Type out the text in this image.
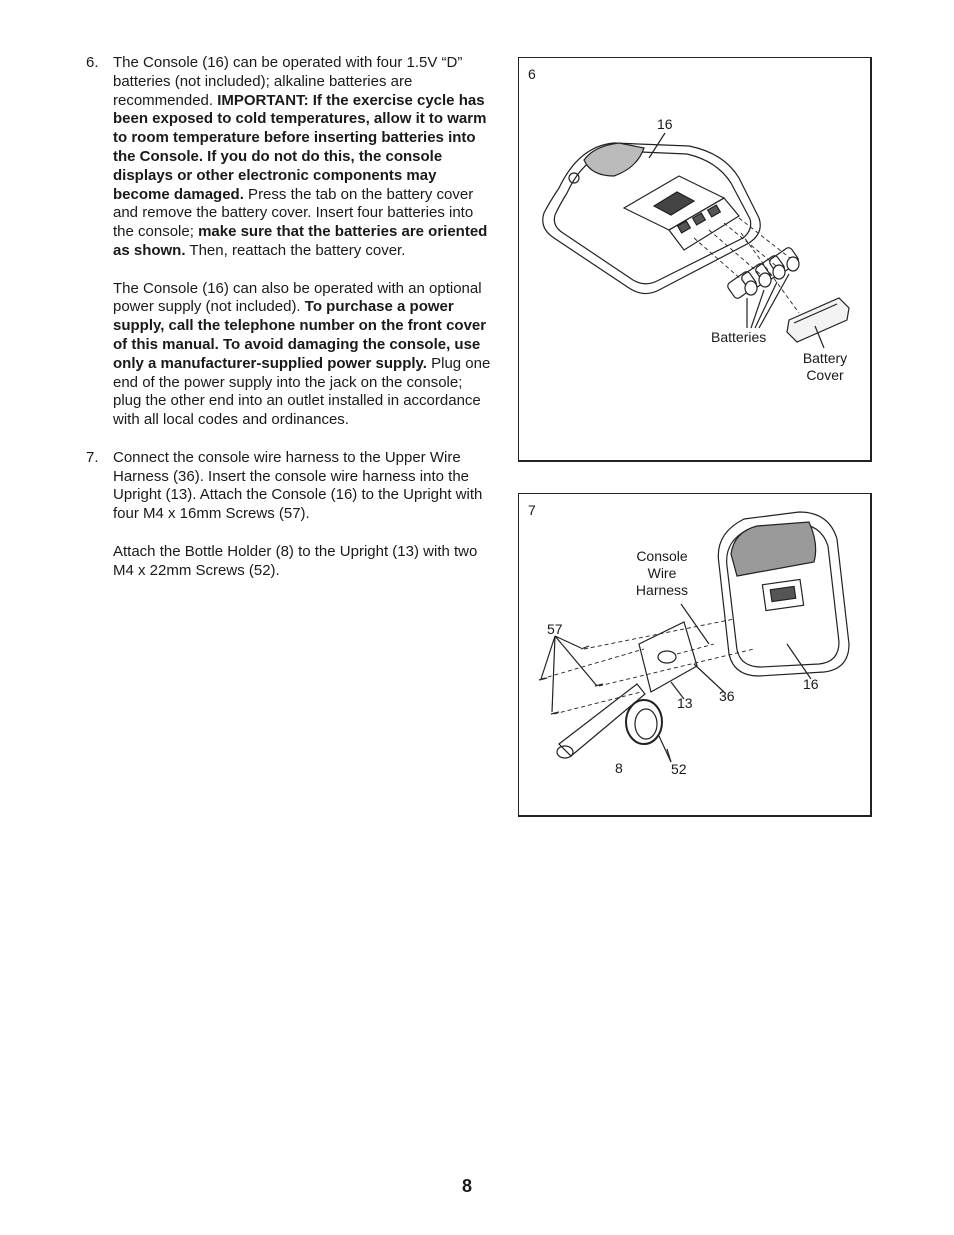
6. The Console (16) can be operated with four 1.5V “D” batteries (not included); alkaline batteries are recommended. IMPORTANT: If the exercise cycle has been exposed to cold temperatures, allow it to warm to room temperature before inserting batteries into the Console. If you do not do this, the console displays or other electronic components may become damaged. Press the tab on the battery cover and remove the battery cover. Insert four batteries into the console; make sure that the batteries are oriented as shown. Then, reattach the battery cover.

The Console (16) can also be operated with an optional power supply (not included). To purchase a power supply, call the telephone number on the front cover of this manual. To avoid damaging the console, use only a manufacturer-supplied power supply. Plug one end of the power supply into the jack on the console; plug the other end into an outlet installed in accordance with all local codes and ordinances.

7. Connect the console wire harness to the Upper Wire Harness (36). Insert the console wire harness into the Upright (13). Attach the Console (16) to the Upright with four M4 x 16mm Screws (57).

Attach the Bottle Holder (8) to the Upright (13) with two M4 x 22mm Screws (52).

6
16
Batteries
Battery Cover
7
Console Wire Harness
57
13 36
16
8	52
8
